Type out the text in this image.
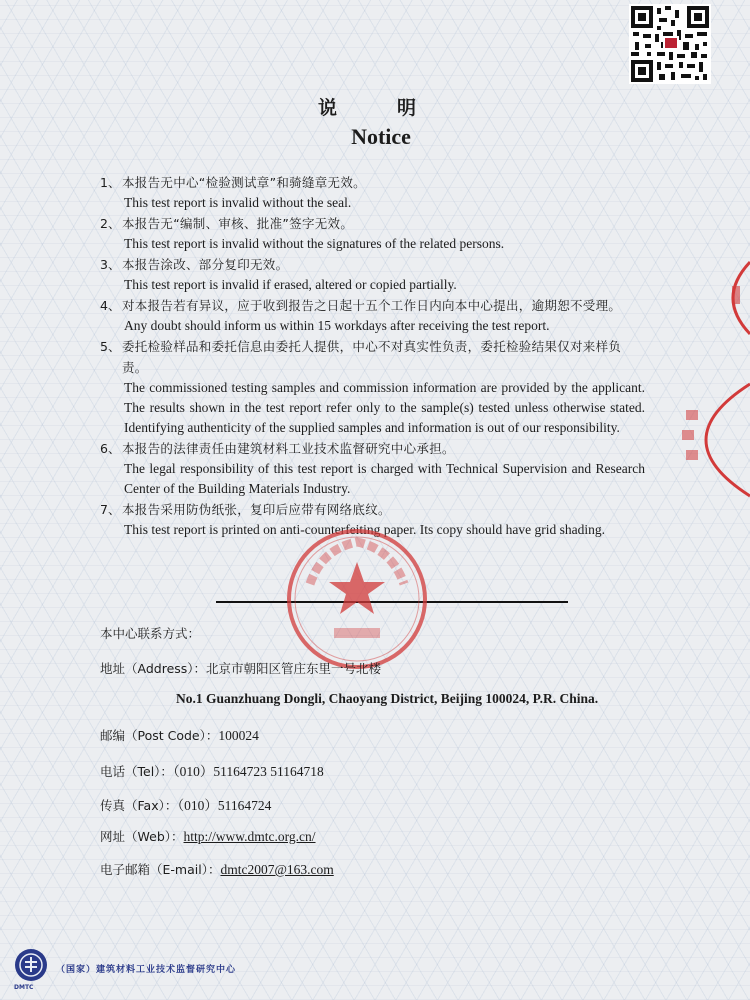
说	明
Notice
1、 本报告无中心“检验测试章”和骑缝章无效。
This test report is invalid without the seal.
2、 本报告无“编制、审核、批准”签字无效。
This test report is invalid without the signatures of the related persons.
3、 本报告涂改、部分复印无效。
This test report is invalid if erased, altered or copied partially.
4、 对本报告若有异议，应于收到报告之日起十五个工作日内向本中心提出，逾期恕不受理。
Any doubt should inform us within 15 workdays after receiving the test report.
5、 委托检验样品和委托信息由委托人提供，中心不对真实性负责，委托检验结果仅对来样负责。
The commissioned testing samples and commission information are provided by the applicant. The results shown in the test report refer only to the sample(s) tested unless otherwise stated. Identifying authenticity of the supplied samples and information is out of our responsibility.
6、 本报告的法律责任由建筑材料工业技术监督研究中心承担。
The legal responsibility of this test report is charged with Technical Supervision and Research Center of the Building Materials Industry.
7、 本报告采用防伪纸张，复印后应带有网络底纹。
This test report is printed on anti-counterfeiting paper. Its copy should have grid shading.
本中心联系方式：
地址（Address）：北京市朝阳区管庄东里一号北楼
No.1 Guanzhuang Dongli, Chaoyang District, Beijing 100024, P.R. China.
邮编（Post Code）：100024
电话（Tel）：（010）51164723 51164718
传真（Fax）：（010）51164724
网址（Web）：http://www.dmtc.org.cn/
电子邮箱（E-mail）：dmtc2007@163.com
DMTC
（国家）建筑材料工业技术监督研究中心
